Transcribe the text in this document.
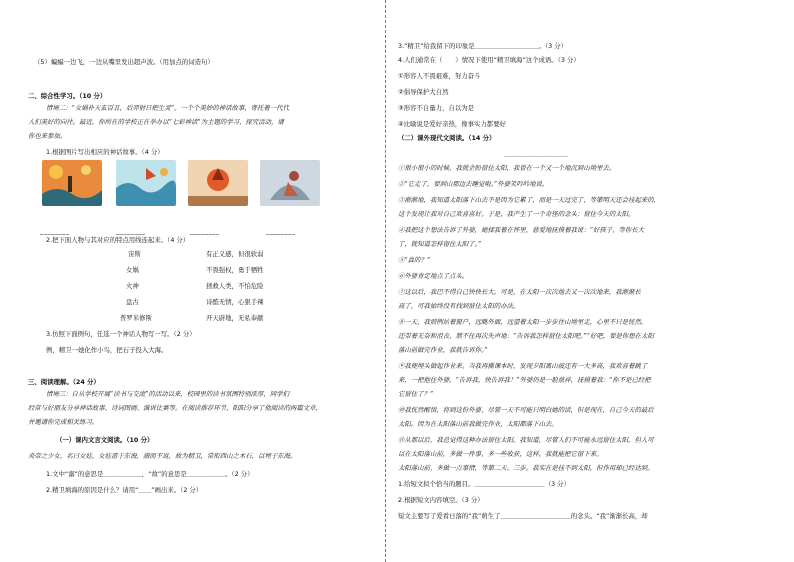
（5）蝙蝠一边飞，一边从嘴里发出超声波。（用加点的词造句）
二、综合性学习。（10 分）
情境二：“女娲补天玄百丑，后羿射日把生灵”。一个个美妙的神话故事，寄托着一代代
人们美好的向往。最近，你所在的学校正在举办以“七彩神话”为主题的学习、探究活动，请
你也来参加。
1.根据图片写出相应的神话故事。（4 分）
________	________	________	________
2.把下面人物与其对应的特点用线连起来。（4 分）
宙斯
女娲
火神
盘古
普罗米修斯
有正义感，但很软弱
不畏强权，勇于牺牲
拯救人类，不怕危险
诗酷无情，心狠手辣
开天辟地，无私奉献
3.仿照下面例句，任选一个神话人物写一写。（2 分）
例，精卫一她化作小鸟，把石子投入大海。
三、阅读理解。（24 分）
情境三：自从学校开展“读书与交流”的活动以来，校园里的读书氛围特别浓厚，同学们
经常与好朋友分享神话故事、诗词图画、演讲比赛等。在阅读推荐环节，阳阳分享了他阅读的两篇文章，
并邀请你完成相关练习。
（一）课内文言文阅读。（10 分）
炎帝之少女，名曰女娃，女娃游于东海，溺而不返，故为精卫，常衔西山之木石，以堙于东海。
1.文中“溺”的意思是＿＿＿＿＿＿，“故”的意思是＿＿＿＿＿＿。（2 分）
2.精卫填海的原因是什么？请用“＿＿”画出来。（2 分）
3.“精卫”给我留下的印象是＿＿＿＿＿＿＿＿＿＿。（3 分）
4.人们通常在（　　）情况下使用“精卫填海”这个成语。（3 分）
①形容人不畏艰难，努力奋斗
②倡导保护大自然
③形容不自量力，自以为是
④比喻说是爱好亲热，像事实力都要好
（二）课外现代文阅读。（14 分）
＿＿＿＿＿＿＿＿＿＿
①很小很小的时候，我就企盼留住太阳，我曾在一个又一个地沉到山坳里去。
②“它走了，要到山那边去睡觉啦。”外婆笑吟吟地说。
③渐渐地，我知道太阳落下山去不是因为它累了，而是一天过完了，等第明天还会挂起来的，
这个发现让我对自己欢喜喜好。于是，我产生了一个奇怪的念头：留住今天的太阳。
④我把这个想法告诉了外婆，她揉我着在怀里，慈爱地抚摸着我说：“好孩子，等你长大
了，就知道怎样留住太阳了。”
⑤“真的？”
⑥外婆肯定地点了点头。
⑦这以后，我巴不得自己快快长大。可是，在太阳一次次地去又一次次地来，我渐渐长
高了，可我始终没有找到留住太阳的办法。
⑧一天，我照例站着窗户，远眺外面，远望着太阳一步步往山坳里走，心里不只是恍然，
还带着无奈和沮丧，禁不住再次失声地：“告诉我怎样留住太阳吧。”“好吧，要是你想在太阳
落山前做完作业，我就告诉你。”
⑨我便埋头做起作业来。当我再撕课本时，发现夕阳离山坡还有一大多高，我欢喜着跳了
来，一把抱住外婆，“告诉我，快告诉我！”外婆仍是一脸慈祥，抚摸着我：“你不是已经把
它留住了？”
⑩我恍然醒悟，将到这份外婆，尽管一天不可能只明白她的话，但是现在，自己今天的最后
太阳。因为在太阳落山前我做完作业，太阳都落下山去。
⑪从那以后，我总觉得这种办法留住太阳。我知道，尽管人们不可能永远留住太阳，但人可
以在太阳落山前，多做一件事，多一些收获，这样，我就能把它留下来。
太阳落山前，多做一点事情，等第二天、三步。我实在是挂不到太阳，但作用却已经达到。
1.给短文拟个恰当的题目。＿＿＿＿＿＿＿＿＿＿＿（3 分）
2.根据短文内容填空。（3 分）
短文主要写了爱看日落的“我”萌生了＿＿＿＿＿＿＿＿＿＿＿的念头。“我”渐渐长高，却
